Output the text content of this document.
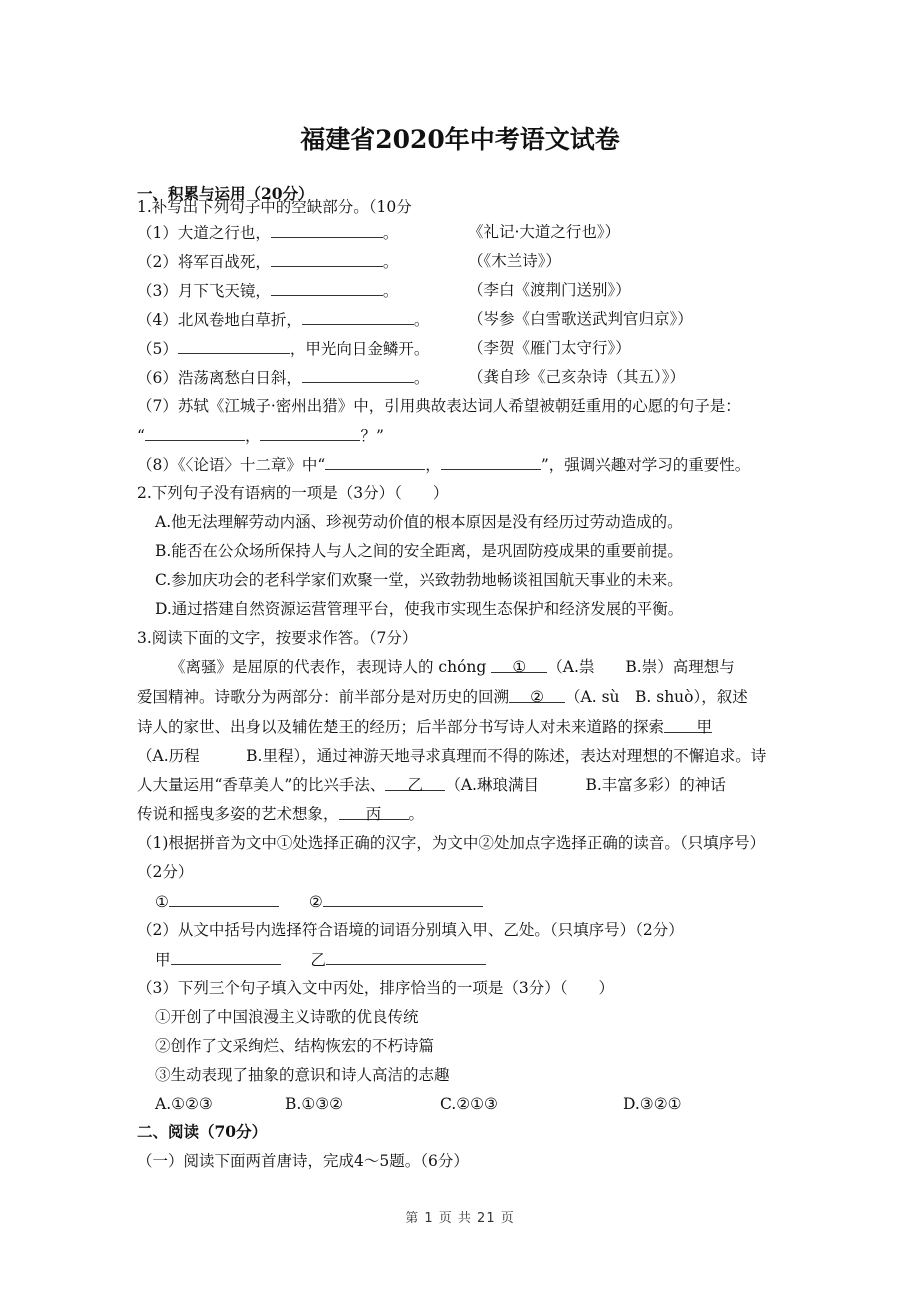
福建省2020年中考语文试卷
一、积累与运用（20分）
1.补写出下列句子中的空缺部分。（10分
（1）大道之行也，	。	《礼记·大道之行也》）
（2）将军百战死，	。	（《木兰诗》）
（3）月下飞天镜，	。	（李白《渡荆门送别》）
（4）北风卷地白草折，	。 （岑参《白雪歌送武判官归京》）
（5）	，甲光向日金鳞开。 （李贺《雁门太守行》）
（6）浩荡离愁白日斜，	。 （龚自珍《己亥杂诗（其五）》）
（7）苏轼《江城子·密州出猎》中，引用典故表达词人希望被朝廷重用的心愿的句子是：
“	，	？”
（8）《〈论语〉十二章》中“	，	”，强调兴趣对学习的重要性。
2.下列句子没有语病的一项是（3分）（　　）
A.他无法理解劳动内涵、珍视劳动价值的根本原因是没有经历过劳动造成的。
B.能否在公众场所保持人与人之间的安全距离，是巩固防疫成果的重要前提。
C.参加庆功会的老科学家们欢聚一堂，兴致勃勃地畅谈祖国航天事业的未来。
D.通过搭建自然资源运营管理平台，使我市实现生态保护和经济发展的平衡。
3.阅读下面的文字，按要求作答。（7分）
《离骚》是屈原的代表作，表现诗人的 chóng ① （A.祟　　B.崇）高理想与
爱国精神。诗歌分为两部分：前半部分是对历史的回溯 ② （A. sù　B. shuò），叙述
诗人的家世、出身以及辅佐楚王的经历；后半部分书写诗人对未来道路的探索 甲
（A.历程　　　B.里程），通过神游天地寻求真理而不得的陈述，表达对理想的不懈追求。诗
人大量运用“香草美人”的比兴手法、 乙 （A.琳琅满目　　　B.丰富多彩）的神话
传说和摇曳多姿的艺术想象， 丙 。
（1)根据拼音为文中①处选择正确的汉字，为文中②处加点字选择正确的读音。（只填序号）
（2分）
①	②
（2）从文中括号内选择符合语境的词语分别填入甲、乙处。（只填序号）（2分）
甲	乙
（3）下列三个句子填入文中丙处，排序恰当的一项是（3分）（　　）
①开创了中国浪漫主义诗歌的优良传统
②创作了文采绚烂、结构恢宏的不朽诗篇
③生动表现了抽象的意识和诗人高洁的志趣
A.①②③	B.①③②	C.②①③	D.③②①
二、阅读（70分）
（一）阅读下面两首唐诗，完成4～5题。（6分）
第 1 页 共 21 页
